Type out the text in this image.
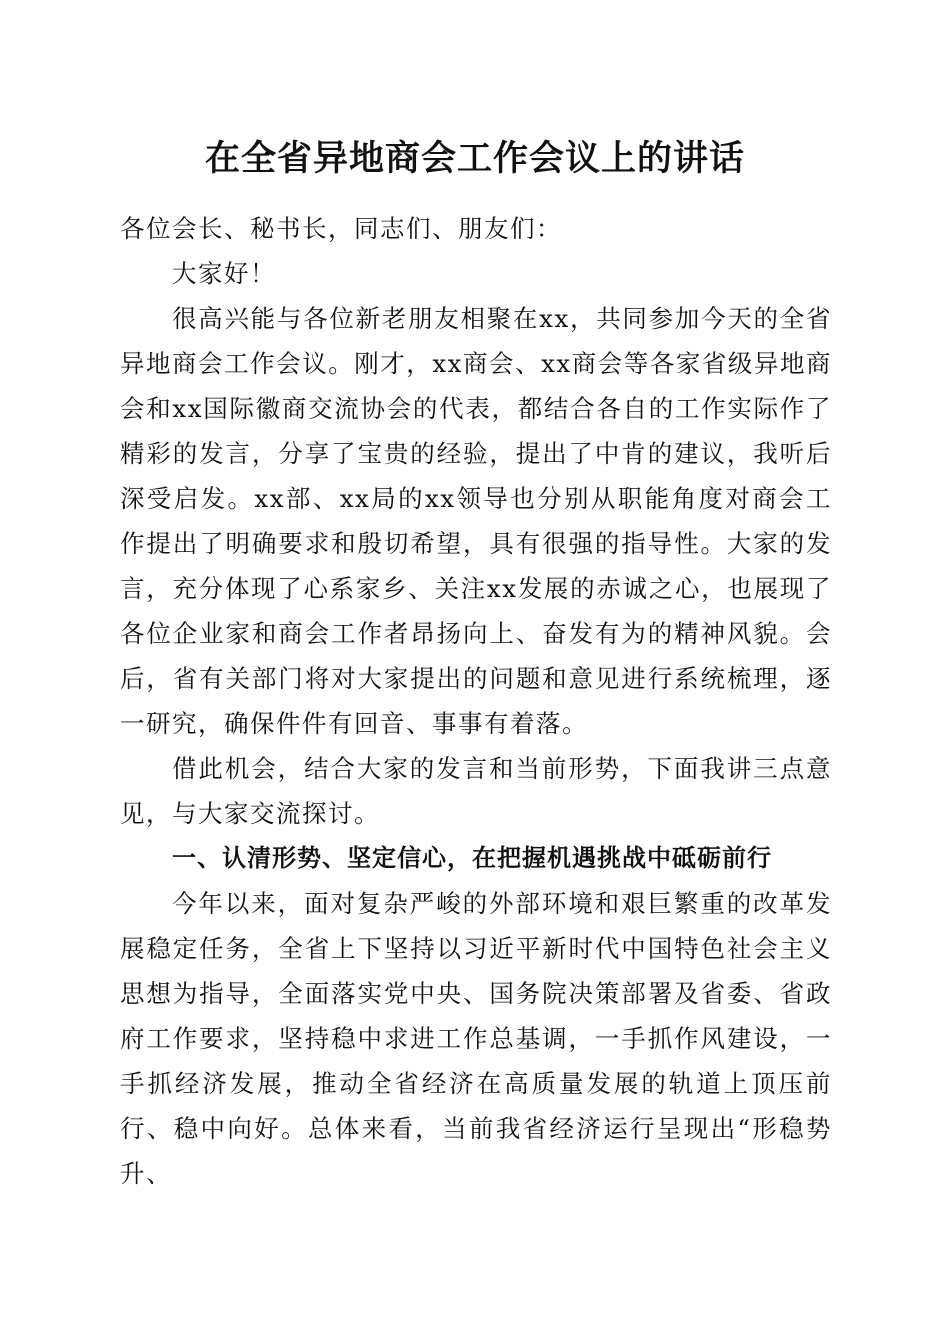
在全省异地商会工作会议上的讲话

各位会长、秘书长，同志们、朋友们：

大家好！

很高兴能与各位新老朋友相聚在xx，共同参加今天的全省异地商会工作会议。刚才，xx商会、xx商会等各家省级异地商会和xx国际徽商交流协会的代表，都结合各自的工作实际作了精彩的发言，分享了宝贵的经验，提出了中肯的建议，我听后深受启发。xx部、xx局的xx领导也分别从职能角度对商会工作提出了明确要求和殷切希望，具有很强的指导性。大家的发言，充分体现了心系家乡、关注xx发展的赤诚之心，也展现了各位企业家和商会工作者昂扬向上、奋发有为的精神风貌。会后，省有关部门将对大家提出的问题和意见进行系统梳理，逐一研究，确保件件有回音、事事有着落。

借此机会，结合大家的发言和当前形势，下面我讲三点意见，与大家交流探讨。

一、认清形势、坚定信心，在把握机遇挑战中砥砺前行

今年以来，面对复杂严峻的外部环境和艰巨繁重的改革发展稳定任务，全省上下坚持以习近平新时代中国特色社会主义思想为指导，全面落实党中央、国务院决策部署及省委、省政府工作要求，坚持稳中求进工作总基调，一手抓作风建设，一手抓经济发展，推动全省经济在高质量发展的轨道上顶压前行、稳中向好。总体来看，当前我省经济运行呈现出“形稳势升、
